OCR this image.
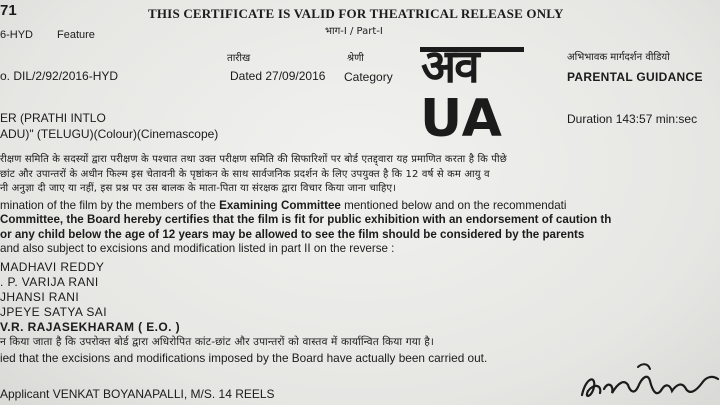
71	THIS CERTIFICATE IS VALID FOR THEATRICAL RELEASE ONLY
भाग-I / Part-I
6-HYD Feature
तारीख	श्रेणी	अभिभावक मार्गदर्शन वीडियो
o. DIL/2/92/2016-HYD	Dated 27/09/2016 Category	PARENTAL GUIDANCE
अव
UA
ER (PRATHI INTLO
ADU)" (TELUGU)(Colour)(Cinemascope)
Duration 143:57 min:sec
रीक्षण समिति के सदस्यों द्वारा परीक्षण के पश्चात तथा उक्त परीक्षण समिति की सिफारिशों पर बोर्ड एतद्द्वारा यह प्रमाणित करता है कि पीछे
छांट और उपान्तरों के अधीन फिल्म इस चेतावनी के पृष्ठांकन के साथ सार्वजनिक प्रदर्शन के लिए उपयुक्त है कि 12 वर्ष से कम आयु व
नी अनुज्ञा दी जाए या नहीं, इस प्रश्न पर उस बालक के माता-पिता या संरक्षक द्वारा विचार किया जाना चाहिए।
mination of the film by the members of the Examining Committee mentioned below and on the recommendati
Committee, the Board hereby certifies that the film is fit for public exhibition with an endorsement of caution th
or any child below the age of 12 years may be allowed to see the film should be considered by the parents
and also subject to excisions and modification listed in part II on the reverse :
MADHAVI REDDY
. P. VARIJA RANI
JHANSI RANI
JPEYE SATYA SAI
V.R. RAJASEKHARAM ( E.O. )
न किया जाता है कि उपरोक्त बोर्ड द्वारा अधिरोपित कांट-छांट और उपान्तरों को वास्तव में कार्यान्वित किया गया है।
ied that the excisions and modifications imposed by the Board have actually been carried out.
Applicant VENKAT BOYANAPALLI, M/S. 14 REELS
